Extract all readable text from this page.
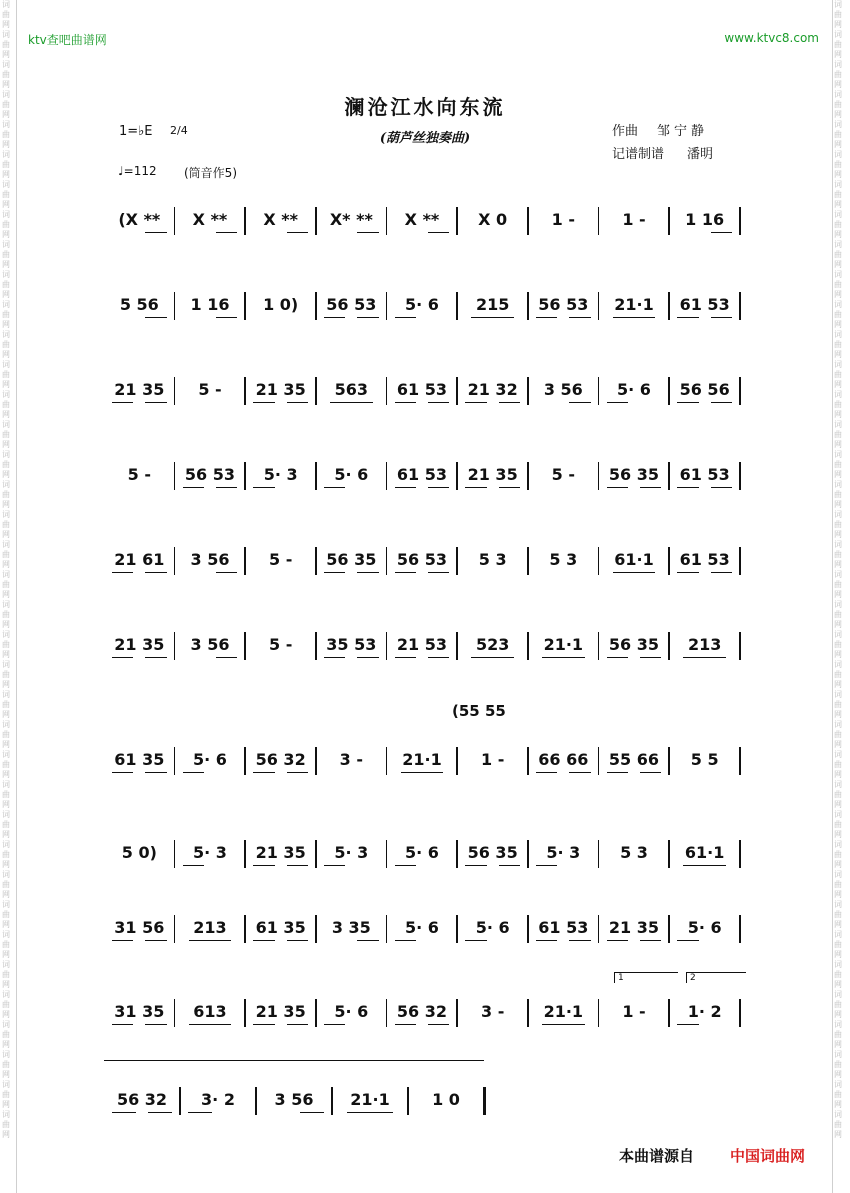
词曲网词曲网词曲网词曲网词曲网词曲网词曲网词曲网词曲网词曲网词曲网词曲网词曲网词曲网词曲网词曲网词曲网词曲网词曲网词曲网词曲网词曲网词曲网词曲网词曲网词曲网词曲网词曲网词曲网词曲网词曲网词曲网词曲网词曲网词曲网词曲网词曲网词曲网
词曲网词曲网词曲网词曲网词曲网词曲网词曲网词曲网词曲网词曲网词曲网词曲网词曲网词曲网词曲网词曲网词曲网词曲网词曲网词曲网词曲网词曲网词曲网词曲网词曲网词曲网词曲网词曲网词曲网词曲网词曲网词曲网词曲网词曲网词曲网词曲网词曲网词曲网
ktv查吧曲谱网	www.ktvc8.com
澜沧江水向东流
(葫芦丝独奏曲)
1=♭E 2/4
♩=112 (筒音作5)
作曲 邹宁静
记谱制谱 潘明
(55 55
(X **	X **	X **	X* **	X **	X 0	1 -	1 -	1 16
5 56	1 16	1 0)	56 53	5· 6	215	56 53	21·1	61 53
21 35	5 -	21 35	563	61 53	21 32	3 56	5· 6	56 56
5 -	56 53	5· 3	5· 6	61 53	21 35	5 -	56 35	61 53
21 61	3 56	5 -	56 35	56 53	5 3	5 3	61·1	61 53
21 35	3 56	5 -	35 53	21 53	523	21·1	56 35	213
61 35	5· 6	56 32	3 -	21·1	1 -	66 66	55 66	5 5
5 0)	5· 3	21 35	5· 3	5· 6	56 35	5· 3	5 3	61·1
31 56	213	61 35	3 35	5· 6	5· 6	61 53	21 35	5· 6
31 35	613	21 35	5· 6	56 32	3 -	21·1	1 -	1· 2
56 32	3· 2	3 56	21·1	1 0
1	2
本曲谱源自 中国词曲网
